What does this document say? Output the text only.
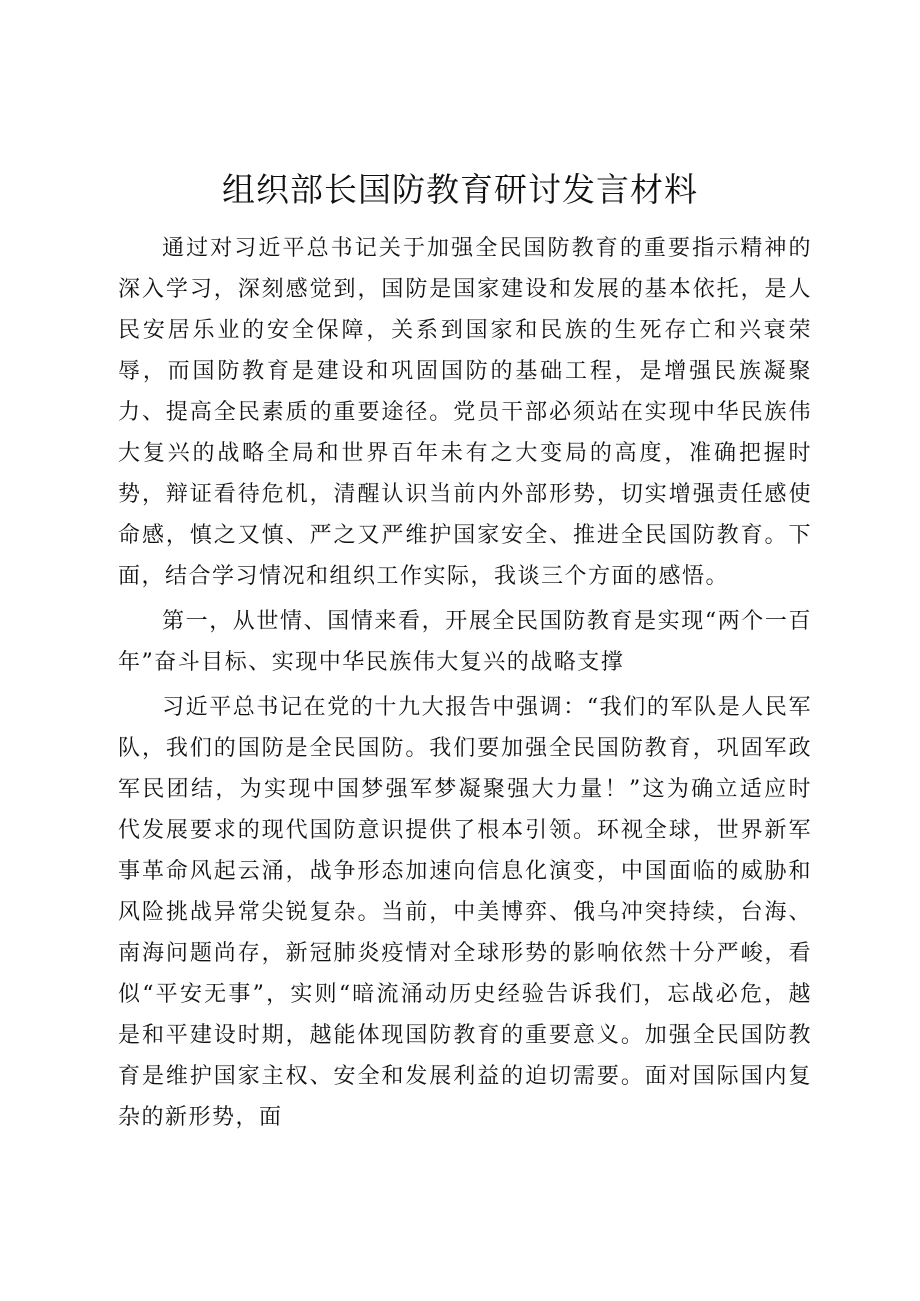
组织部长国防教育研讨发言材料

通过对习近平总书记关于加强全民国防教育的重要指示精神的深入学习，深刻感觉到，国防是国家建设和发展的基本依托，是人民安居乐业的安全保障，关系到国家和民族的生死存亡和兴衰荣辱，而国防教育是建设和巩固国防的基础工程，是增强民族凝聚力、提高全民素质的重要途径。党员干部必须站在实现中华民族伟大复兴的战略全局和世界百年未有之大变局的高度，准确把握时势，辩证看待危机，清醒认识当前内外部形势，切实增强责任感使命感，慎之又慎、严之又严维护国家安全、推进全民国防教育。下面，结合学习情况和组织工作实际，我谈三个方面的感悟。

第一，从世情、国情来看，开展全民国防教育是实现“两个一百年”奋斗目标、实现中华民族伟大复兴的战略支撑

习近平总书记在党的十九大报告中强调：“我们的军队是人民军队，我们的国防是全民国防。我们要加强全民国防教育，巩固军政军民团结，为实现中国梦强军梦凝聚强大力量！”这为确立适应时代发展要求的现代国防意识提供了根本引领。环视全球，世界新军事革命风起云涌，战争形态加速向信息化演变，中国面临的威胁和风险挑战异常尖锐复杂。当前，中美博弈、俄乌冲突持续，台海、南海问题尚存，新冠肺炎疫情对全球形势的影响依然十分严峻，看似“平安无事”，实则“暗流涌动历史经验告诉我们，忘战必危，越是和平建设时期，越能体现国防教育的重要意义。加强全民国防教育是维护国家主权、安全和发展利益的迫切需要。面对国际国内复杂的新形势，面
